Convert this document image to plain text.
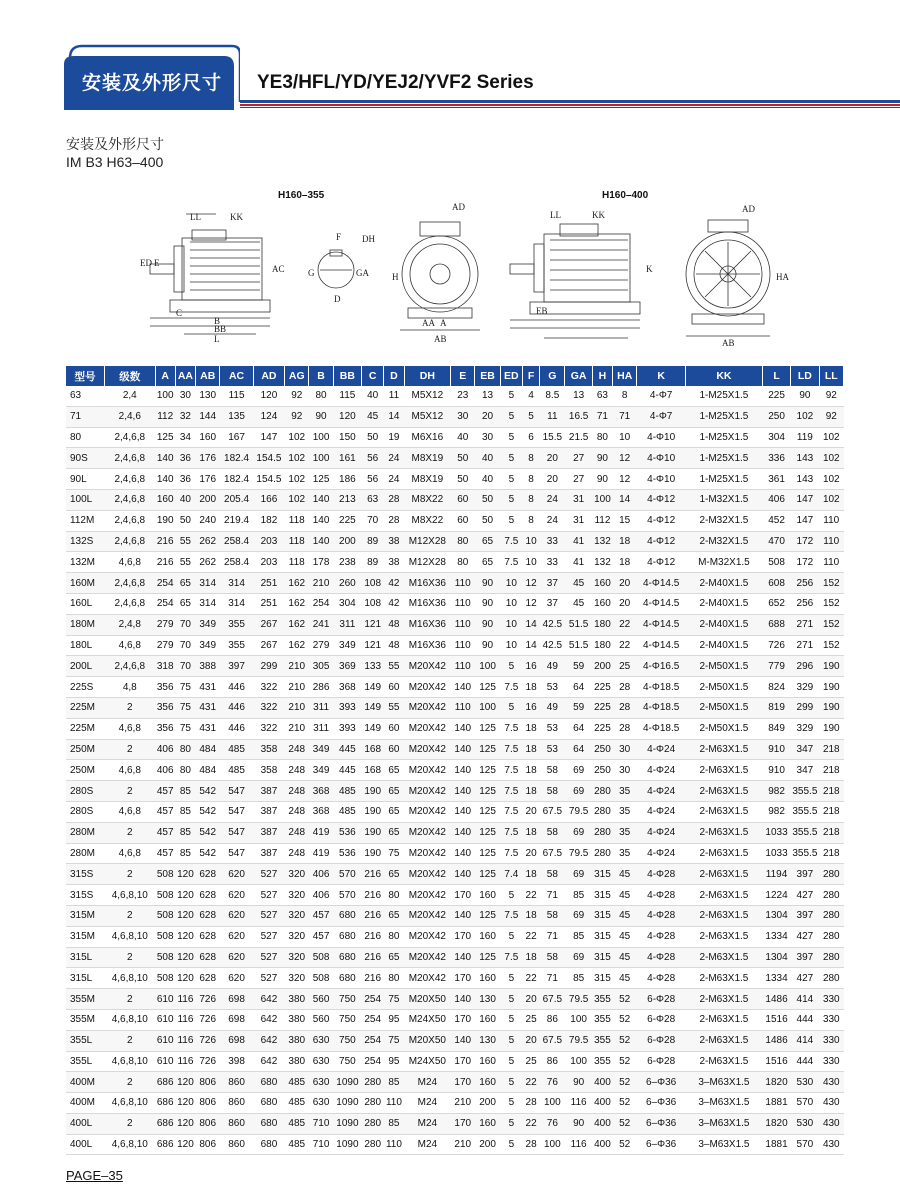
安装及外形尺寸	YE3/HFL/YD/YEJ2/YVF2 Series
安装及外形尺寸
IM B3 H63–400
H160–355	H160–400
LL	KK
ED E
C
B
BB
L
AC
F DH
G	GA
D
AD
AA A
AB
H
LL	KK
K
AD
AB
HA
EB
型号	级数	A	AA	AB	AC	AD	AG	B	BB	C	D	DH	E	EB	ED	F	G	GA	H	HA	K	KK	L	LD	LL
63	2,4	100	30	130	115	120	92	80	115	40	11	M5X12	23	13	5	4	8.5	13	63	8	4-Φ7	1-M25X1.5	225	90	92
71	2,4,6	112	32	144	135	124	92	90	120	45	14	M5X12	30	20	5	5	11	16.5	71	71	4-Φ7	1-M25X1.5	250	102	92
80	2,4,6,8	125	34	160	167	147	102	100	150	50	19	M6X16	40	30	5	6	15.5	21.5	80	10	4-Φ10	1-M25X1.5	304	119	102
90S	2,4,6,8	140	36	176	182.4	154.5	102	100	161	56	24	M8X19	50	40	5	8	20	27	90	12	4-Φ10	1-M25X1.5	336	143	102
90L	2,4,6,8	140	36	176	182.4	154.5	102	125	186	56	24	M8X19	50	40	5	8	20	27	90	12	4-Φ10	1-M25X1.5	361	143	102
100L	2,4,6,8	160	40	200	205.4	166	102	140	213	63	28	M8X22	60	50	5	8	24	31	100	14	4-Φ12	1-M32X1.5	406	147	102
112M	2,4,6,8	190	50	240	219.4	182	118	140	225	70	28	M8X22	60	50	5	8	24	31	112	15	4-Φ12	2-M32X1.5	452	147	110
132S	2,4,6,8	216	55	262	258.4	203	118	140	200	89	38	M12X28	80	65	7.5	10	33	41	132	18	4-Φ12	2-M32X1.5	470	172	110
132M	4,6,8	216	55	262	258.4	203	118	178	238	89	38	M12X28	80	65	7.5	10	33	41	132	18	4-Φ12	M-M32X1.5	508	172	110
160M	2,4,6,8	254	65	314	314	251	162	210	260	108	42	M16X36	110	90	10	12	37	45	160	20	4-Φ14.5	2-M40X1.5	608	256	152
160L	2,4,6,8	254	65	314	314	251	162	254	304	108	42	M16X36	110	90	10	12	37	45	160	20	4-Φ14.5	2-M40X1.5	652	256	152
180M	2,4,8	279	70	349	355	267	162	241	311	121	48	M16X36	110	90	10	14	42.5	51.5	180	22	4-Φ14.5	2-M40X1.5	688	271	152
180L	4,6,8	279	70	349	355	267	162	279	349	121	48	M16X36	110	90	10	14	42.5	51.5	180	22	4-Φ14.5	2-M40X1.5	726	271	152
200L	2,4,6,8	318	70	388	397	299	210	305	369	133	55	M20X42	110	100	5	16	49	59	200	25	4-Φ16.5	2-M50X1.5	779	296	190
225S	4,8	356	75	431	446	322	210	286	368	149	60	M20X42	140	125	7.5	18	53	64	225	28	4-Φ18.5	2-M50X1.5	824	329	190
225M	2	356	75	431	446	322	210	311	393	149	55	M20X42	110	100	5	16	49	59	225	28	4-Φ18.5	2-M50X1.5	819	299	190
225M	4,6,8	356	75	431	446	322	210	311	393	149	60	M20X42	140	125	7.5	18	53	64	225	28	4-Φ18.5	2-M50X1.5	849	329	190
250M	2	406	80	484	485	358	248	349	445	168	60	M20X42	140	125	7.5	18	53	64	250	30	4-Φ24	2-M63X1.5	910	347	218
250M	4,6,8	406	80	484	485	358	248	349	445	168	65	M20X42	140	125	7.5	18	58	69	250	30	4-Φ24	2-M63X1.5	910	347	218
280S	2	457	85	542	547	387	248	368	485	190	65	M20X42	140	125	7.5	18	58	69	280	35	4-Φ24	2-M63X1.5	982	355.5	218
280S	4,6,8	457	85	542	547	387	248	368	485	190	65	M20X42	140	125	7.5	20	67.5	79.5	280	35	4-Φ24	2-M63X1.5	982	355.5	218
280M	2	457	85	542	547	387	248	419	536	190	65	M20X42	140	125	7.5	18	58	69	280	35	4-Φ24	2-M63X1.5	1033	355.5	218
280M	4,6,8	457	85	542	547	387	248	419	536	190	75	M20X42	140	125	7.5	20	67.5	79.5	280	35	4-Φ24	2-M63X1.5	1033	355.5	218
315S	2	508	120	628	620	527	320	406	570	216	65	M20X42	140	125	7.4	18	58	69	315	45	4-Φ28	2-M63X1.5	1194	397	280
315S	4,6,8,10	508	120	628	620	527	320	406	570	216	80	M20X42	170	160	5	22	71	85	315	45	4-Φ28	2-M63X1.5	1224	427	280
315M	2	508	120	628	620	527	320	457	680	216	65	M20X42	140	125	7.5	18	58	69	315	45	4-Φ28	2-M63X1.5	1304	397	280
315M	4,6,8,10	508	120	628	620	527	320	457	680	216	80	M20X42	170	160	5	22	71	85	315	45	4-Φ28	2-M63X1.5	1334	427	280
315L	2	508	120	628	620	527	320	508	680	216	65	M20X42	140	125	7.5	18	58	69	315	45	4-Φ28	2-M63X1.5	1304	397	280
315L	4,6,8,10	508	120	628	620	527	320	508	680	216	80	M20X42	170	160	5	22	71	85	315	45	4-Φ28	2-M63X1.5	1334	427	280
355M	2	610	116	726	698	642	380	560	750	254	75	M20X50	140	130	5	20	67.5	79.5	355	52	6-Φ28	2-M63X1.5	1486	414	330
355M	4,6,8,10	610	116	726	698	642	380	560	750	254	95	M24X50	170	160	5	25	86	100	355	52	6-Φ28	2-M63X1.5	1516	444	330
355L	2	610	116	726	698	642	380	630	750	254	75	M20X50	140	130	5	20	67.5	79.5	355	52	6-Φ28	2-M63X1.5	1486	414	330
355L	4,6,8,10	610	116	726	398	642	380	630	750	254	95	M24X50	170	160	5	25	86	100	355	52	6-Φ28	2-M63X1.5	1516	444	330
400M	2	686	120	806	860	680	485	630	1090	280	85	M24	170	160	5	22	76	90	400	52	6–Φ36	3–M63X1.5	1820	530	430
400M	4,6,8,10	686	120	806	860	680	485	630	1090	280	110	M24	210	200	5	28	100	116	400	52	6–Φ36	3–M63X1.5	1881	570	430
400L	2	686	120	806	860	680	485	710	1090	280	85	M24	170	160	5	22	76	90	400	52	6–Φ36	3–M63X1.5	1820	530	430
400L	4,6,8,10	686	120	806	860	680	485	710	1090	280	110	M24	210	200	5	28	100	116	400	52	6–Φ36	3–M63X1.5	1881	570	430
PAGE–35
